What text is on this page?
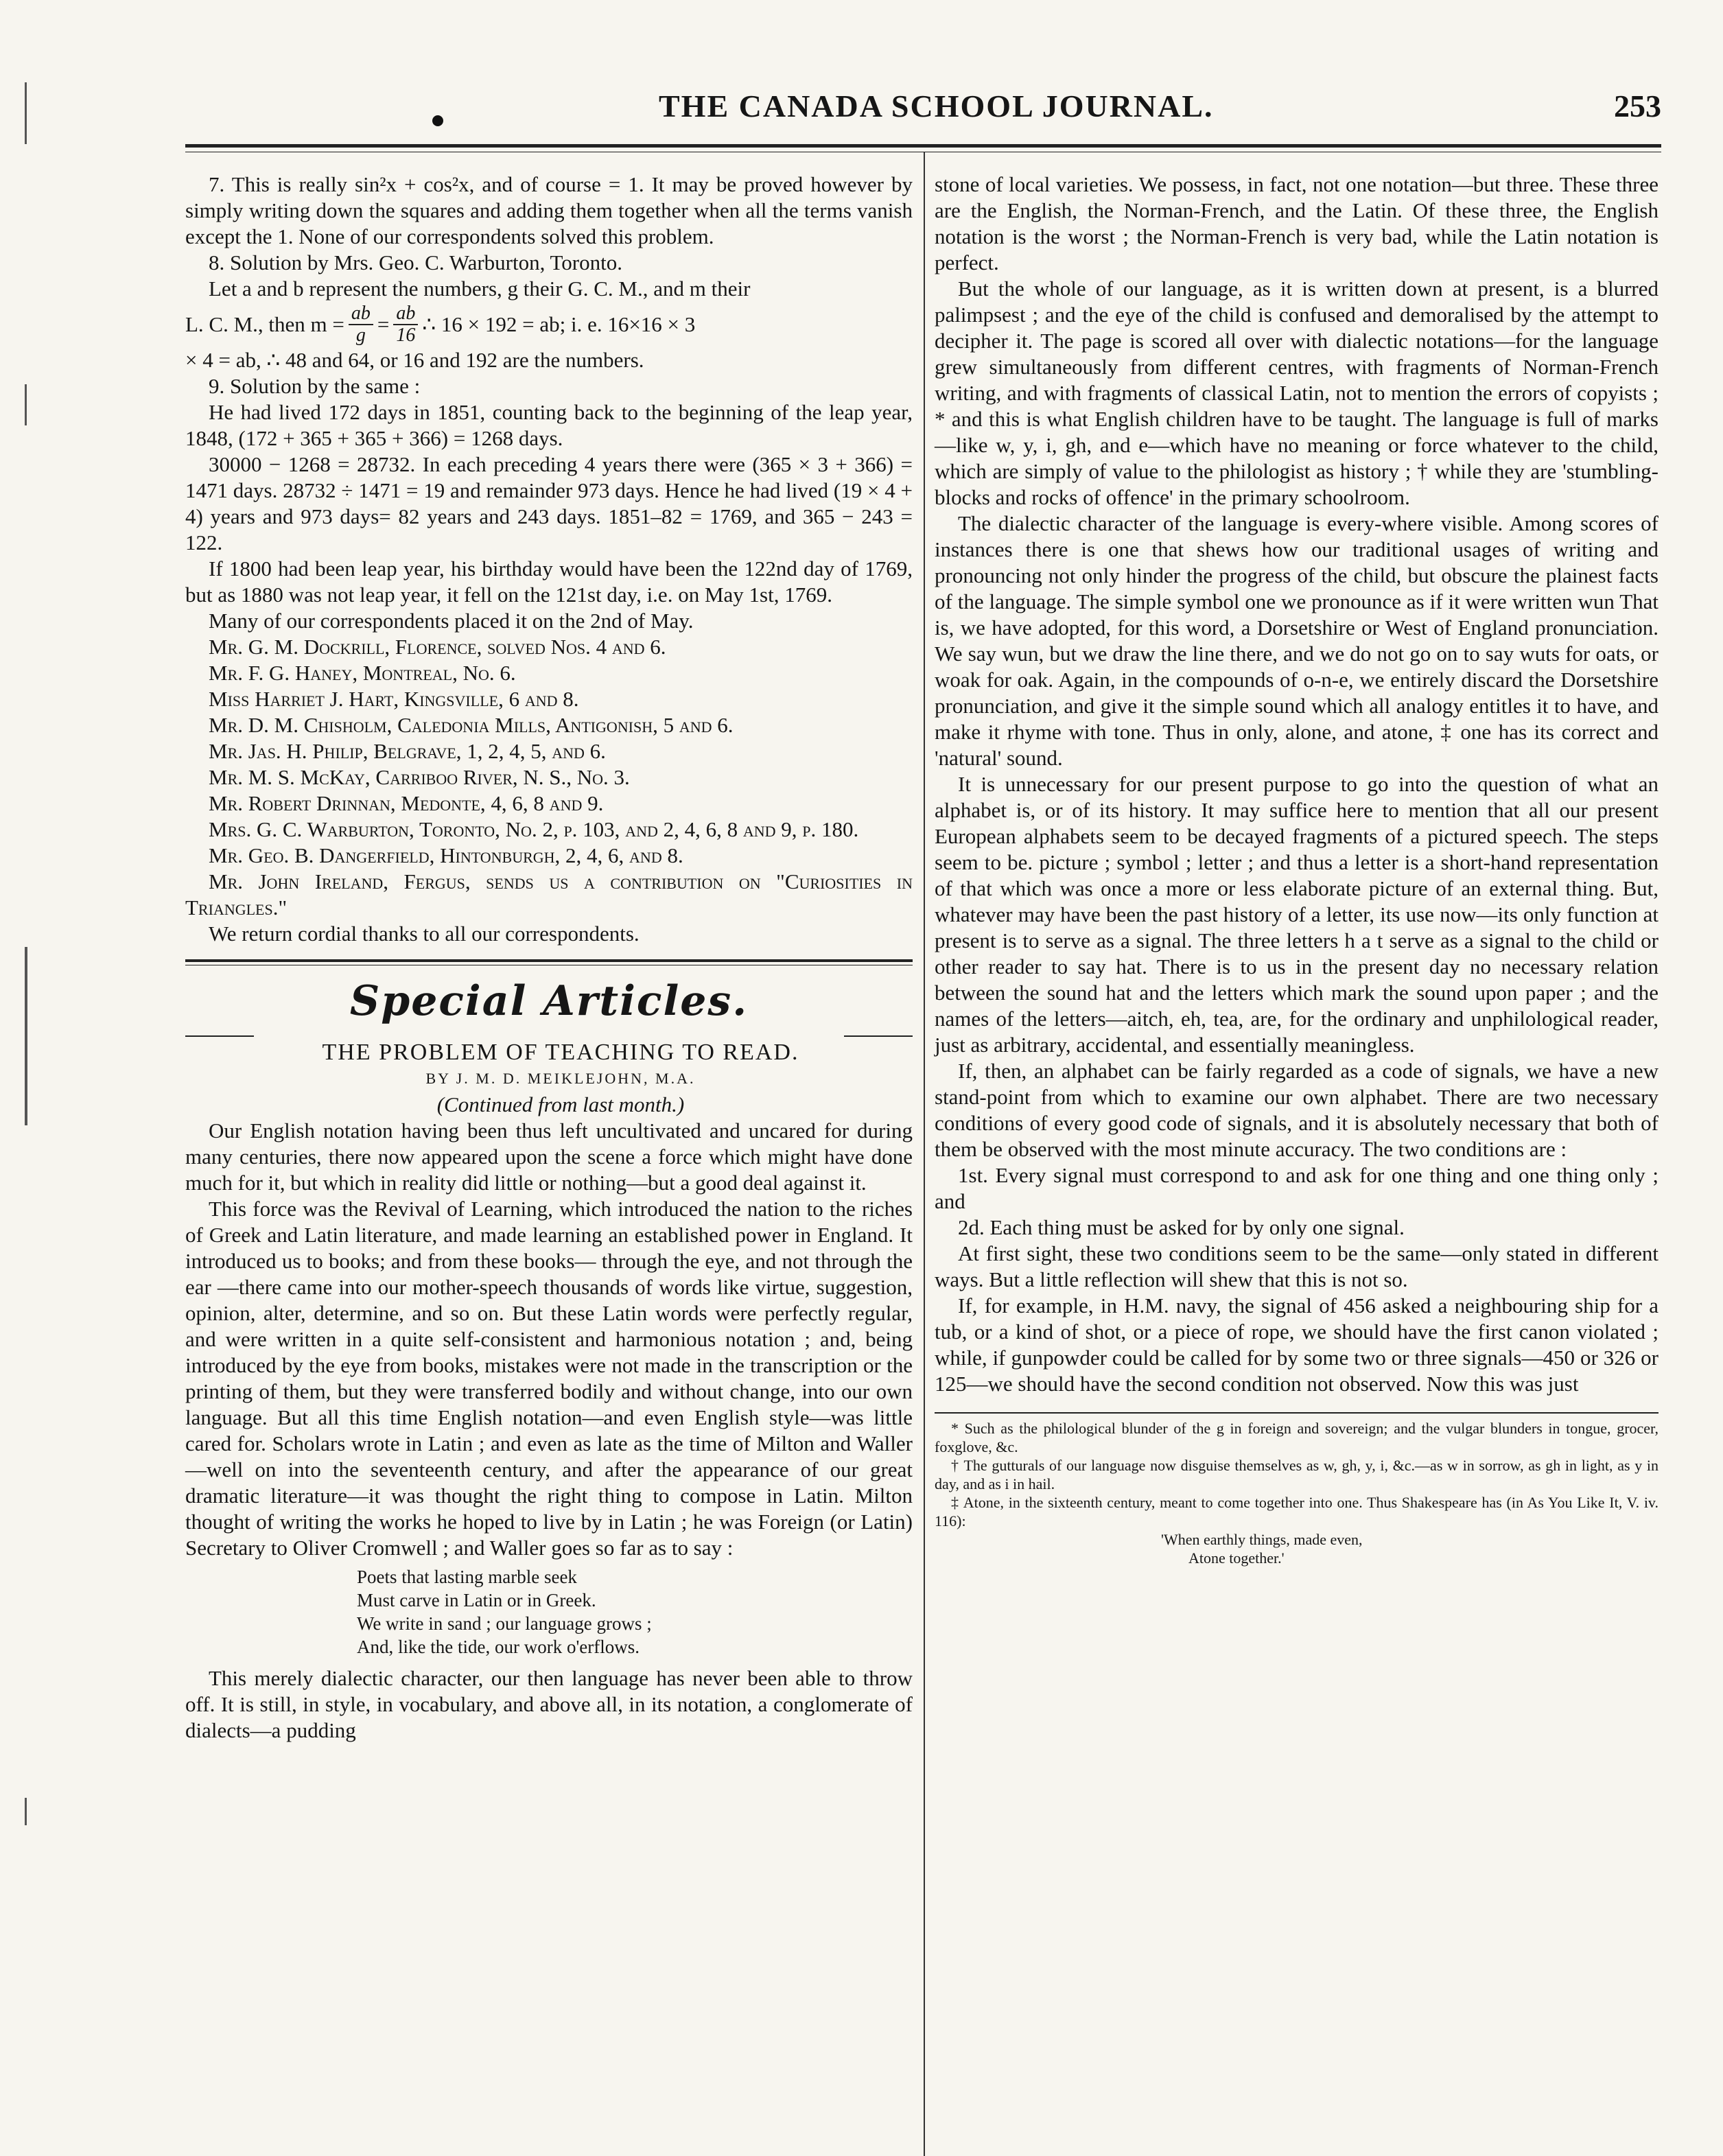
THE CANADA SCHOOL JOURNAL.	253

7. This is really sin²x + cos²x, and of course = 1. It may be proved however by simply writing down the squares and adding them together when all the terms vanish except the 1. None of our correspondents solved this problem.

8. Solution by Mrs. Geo. C. Warburton, Toronto.

Let a and b represent the numbers, g their G. C. M., and m their

L. C. M., then $m = \frac{ab}{g} = \frac{ab}{16}$ ∴ 16 × 192 = ab; i. e. 16×16 × 3

× 4 = ab, ∴ 48 and 64, or 16 and 192 are the numbers.

9. Solution by the same :

He had lived 172 days in 1851, counting back to the beginning of the leap year, 1848, (172 + 365 + 365 + 366) = 1268 days.

30000 − 1268 = 28732. In each preceding 4 years there were (365 × 3 + 366) = 1471 days. 28732 ÷ 1471 = 19 and remainder 973 days. Hence he had lived (19 × 4 + 4) years and 973 days= 82 years and 243 days. 1851–82 = 1769, and 365 − 243 = 122.

If 1800 had been leap year, his birthday would have been the 122nd day of 1769, but as 1880 was not leap year, it fell on the 121st day, i.e. on May 1st, 1769.

Many of our correspondents placed it on the 2nd of May.

Mr. G. M. Dockrill, Florence, solved Nos. 4 and 6.

Mr. F. G. Haney, Montreal, No. 6.

Miss Harriet J. Hart, Kingsville, 6 and 8.

Mr. D. M. Chisholm, Caledonia Mills, Antigonish, 5 and 6.

Mr. Jas. H. Philip, Belgrave, 1, 2, 4, 5, and 6.

Mr. M. S. McKay, Carriboo River, N. S., No. 3.

Mr. Robert Drinnan, Medonte, 4, 6, 8 and 9.

Mrs. G. C. Warburton, Toronto, No. 2, p. 103, and 2, 4, 6, 8 and 9, p. 180.

Mr. Geo. B. Dangerfield, Hintonburgh, 2, 4, 6, and 8.

Mr. John Ireland, Fergus, sends us a contribution on "Curiosities in Triangles."

We return cordial thanks to all our correspondents.

Special Articles.

THE PROBLEM OF TEACHING TO READ.

BY J. M. D. MEIKLEJOHN, M.A.

(Continued from last month.)

Our English notation having been thus left uncultivated and uncared for during many centuries, there now appeared upon the scene a force which might have done much for it, but which in reality did little or nothing—but a good deal against it.

This force was the Revival of Learning, which introduced the nation to the riches of Greek and Latin literature, and made learning an established power in England. It introduced us to books; and from these books— through the eye, and not through the ear —there came into our mother-speech thousands of words like virtue, suggestion, opinion, alter, determine, and so on. But these Latin words were perfectly regular, and were written in a quite self-consistent and harmonious notation ; and, being introduced by the eye from books, mistakes were not made in the transcription or the printing of them, but they were transferred bodily and without change, into our own language. But all this time English notation—and even English style—was little cared for. Scholars wrote in Latin ; and even as late as the time of Milton and Waller—well on into the seventeenth century, and after the appearance of our great dramatic literature—it was thought the right thing to compose in Latin. Milton thought of writing the works he hoped to live by in Latin ; he was Foreign (or Latin) Secretary to Oliver Cromwell ; and Waller goes so far as to say :

Poets that lasting marble seek
Must carve in Latin or in Greek.
We write in sand ; our language grows ;
And, like the tide, our work o'erflows.

This merely dialectic character, our then language has never been able to throw off. It is still, in style, in vocabulary, and above all, in its notation, a conglomerate of dialects—a pudding

stone of local varieties. We possess, in fact, not one notation—but three. These three are the English, the Norman-French, and the Latin. Of these three, the English notation is the worst ; the Norman-French is very bad, while the Latin notation is perfect.

But the whole of our language, as it is written down at present, is a blurred palimpsest ; and the eye of the child is confused and demoralised by the attempt to decipher it. The page is scored all over with dialectic notations—for the language grew simultaneously from different centres, with fragments of Norman-French writing, and with fragments of classical Latin, not to mention the errors of copyists ; * and this is what English children have to be taught. The language is full of marks—like w, y, i, gh, and e—which have no meaning or force whatever to the child, which are simply of value to the philologist as history ; † while they are 'stumbling-blocks and rocks of offence' in the primary schoolroom.

The dialectic character of the language is every-where visible. Among scores of instances there is one that shews how our traditional usages of writing and pronouncing not only hinder the progress of the child, but obscure the plainest facts of the language. The simple symbol one we pronounce as if it were written wun That is, we have adopted, for this word, a Dorsetshire or West of England pronunciation. We say wun, but we draw the line there, and we do not go on to say wuts for oats, or woak for oak. Again, in the compounds of o-n-e, we entirely discard the Dorsetshire pronunciation, and give it the simple sound which all analogy entitles it to have, and make it rhyme with tone. Thus in only, alone, and atone, ‡ one has its correct and 'natural' sound.

It is unnecessary for our present purpose to go into the question of what an alphabet is, or of its history. It may suffice here to mention that all our present European alphabets seem to be decayed fragments of a pictured speech. The steps seem to be. picture ; symbol ; letter ; and thus a letter is a short-hand representation of that which was once a more or less elaborate picture of an external thing. But, whatever may have been the past history of a letter, its use now—its only function at present is to serve as a signal. The three letters h a t serve as a signal to the child or other reader to say hat. There is to us in the present day no necessary relation between the sound hat and the letters which mark the sound upon paper ; and the names of the letters—aitch, eh, tea, are, for the ordinary and unphilological reader, just as arbitrary, accidental, and essentially meaningless.

If, then, an alphabet can be fairly regarded as a code of signals, we have a new stand-point from which to examine our own alphabet. There are two necessary conditions of every good code of signals, and it is absolutely necessary that both of them be observed with the most minute accuracy. The two conditions are :

1st. Every signal must correspond to and ask for one thing and one thing only ; and

2d. Each thing must be asked for by only one signal.

At first sight, these two conditions seem to be the same—only stated in different ways. But a little reflection will shew that this is not so.

If, for example, in H.M. navy, the signal of 456 asked a neighbouring ship for a tub, or a kind of shot, or a piece of rope, we should have the first canon violated ; while, if gunpowder could be called for by some two or three signals—450 or 326 or 125—we should have the second condition not observed. Now this was just

* Such as the philological blunder of the g in foreign and sovereign; and the vulgar blunders in tongue, grocer, foxglove, &c.

† The gutturals of our language now disguise themselves as w, gh, y, i, &c.—as w in sorrow, as gh in light, as y in day, and as i in hail.

‡ Atone, in the sixteenth century, meant to come together into one. Thus Shakespeare has (in As You Like It, V. iv. 116):

'When earthly things, made even,

Atone together.'
